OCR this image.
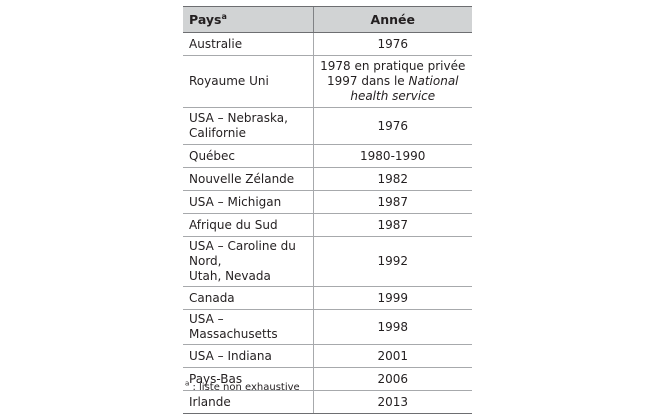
Pays$^a$	Année
Australie	1976

Royaume Uni	1978 en pratique privée
1997 dans le National
health service

USA – Nebraska,
Californie	1976
Québec	1980-1990
Nouvelle Zélande	1982
USA – Michigan	1987
Afrique du Sud	1987

USA – Caroline du Nord,
Utah, Nevada	1992
Canada	1999
USA – Massachusetts	1998
USA – Indiana	2001
Pays-Bas	2006
Irlande	2013
$^a$ : liste non exhaustive
